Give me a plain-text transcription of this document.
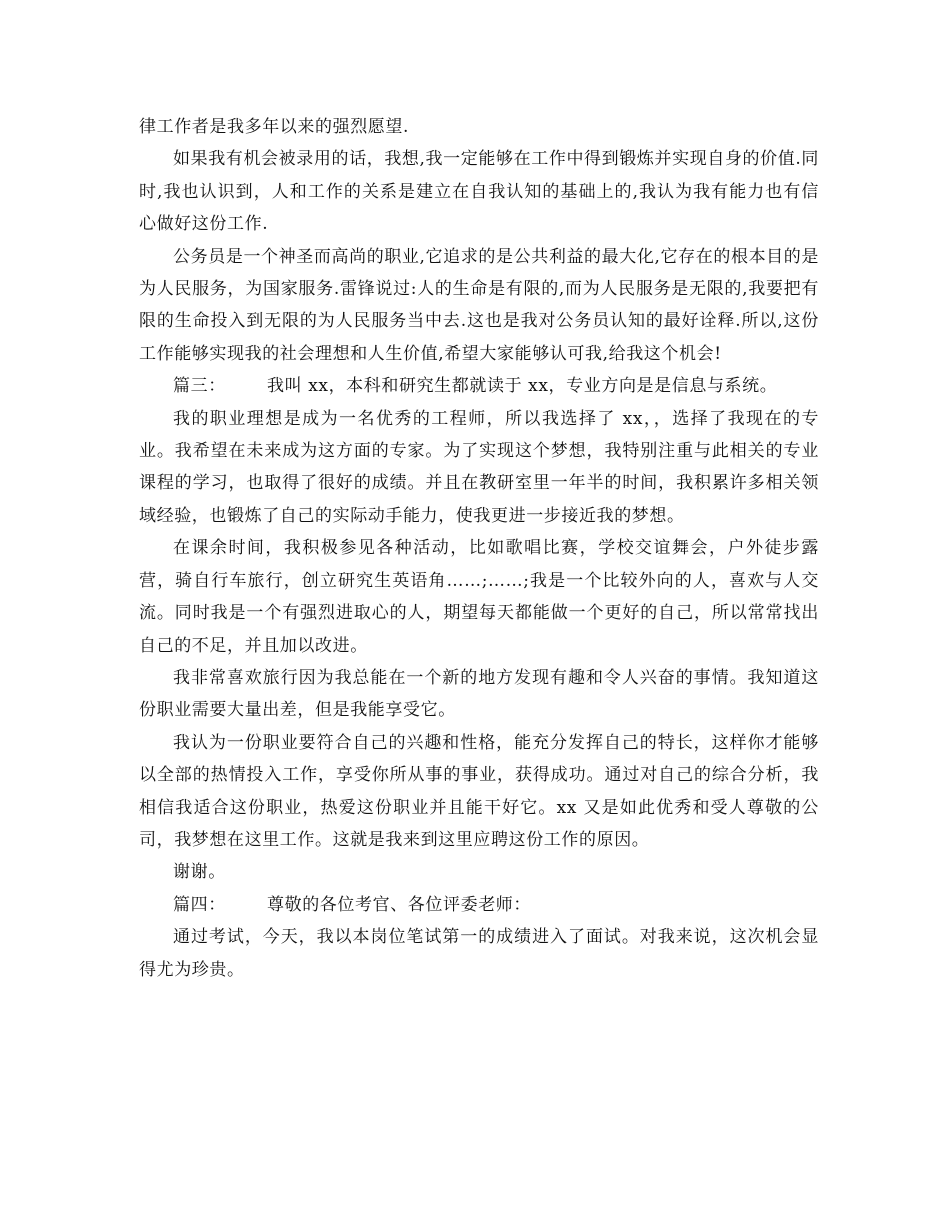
律工作者是我多年以来的强烈愿望.

如果我有机会被录用的话，我想,我一定能够在工作中得到锻炼并实现自身的价值.同时,我也认识到，人和工作的关系是建立在自我认知的基础上的,我认为我有能力也有信心做好这份工作.

公务员是一个神圣而高尚的职业,它追求的是公共利益的最大化,它存在的根本目的是为人民服务，为国家服务.雷锋说过:人的生命是有限的,而为人民服务是无限的,我要把有限的生命投入到无限的为人民服务当中去.这也是我对公务员认知的最好诠释.所以,这份工作能够实现我的社会理想和人生价值,希望大家能够认可我,给我这个机会!

篇三： 我叫 xx，本科和研究生都就读于 xx，专业方向是是信息与系统。

我的职业理想是成为一名优秀的工程师，所以我选择了 xx，，选择了我现在的专业。我希望在未来成为这方面的专家。为了实现这个梦想，我特别注重与此相关的专业课程的学习，也取得了很好的成绩。并且在教研室里一年半的时间，我积累许多相关领域经验，也锻炼了自己的实际动手能力，使我更进一步接近我的梦想。

在课余时间，我积极参见各种活动，比如歌唱比赛，学校交谊舞会，户外徒步露营，骑自行车旅行，创立研究生英语角……;……;我是一个比较外向的人，喜欢与人交流。同时我是一个有强烈进取心的人，期望每天都能做一个更好的自己，所以常常找出自己的不足，并且加以改进。

我非常喜欢旅行因为我总能在一个新的地方发现有趣和令人兴奋的事情。我知道这份职业需要大量出差，但是我能享受它。

我认为一份职业要符合自己的兴趣和性格，能充分发挥自己的特长，这样你才能够以全部的热情投入工作，享受你所从事的事业，获得成功。通过对自己的综合分析，我相信我适合这份职业，热爱这份职业并且能干好它。xx 又是如此优秀和受人尊敬的公司，我梦想在这里工作。这就是我来到这里应聘这份工作的原因。

谢谢。

篇四： 尊敬的各位考官、各位评委老师：

通过考试，今天，我以本岗位笔试第一的成绩进入了面试。对我来说，这次机会显得尤为珍贵。
